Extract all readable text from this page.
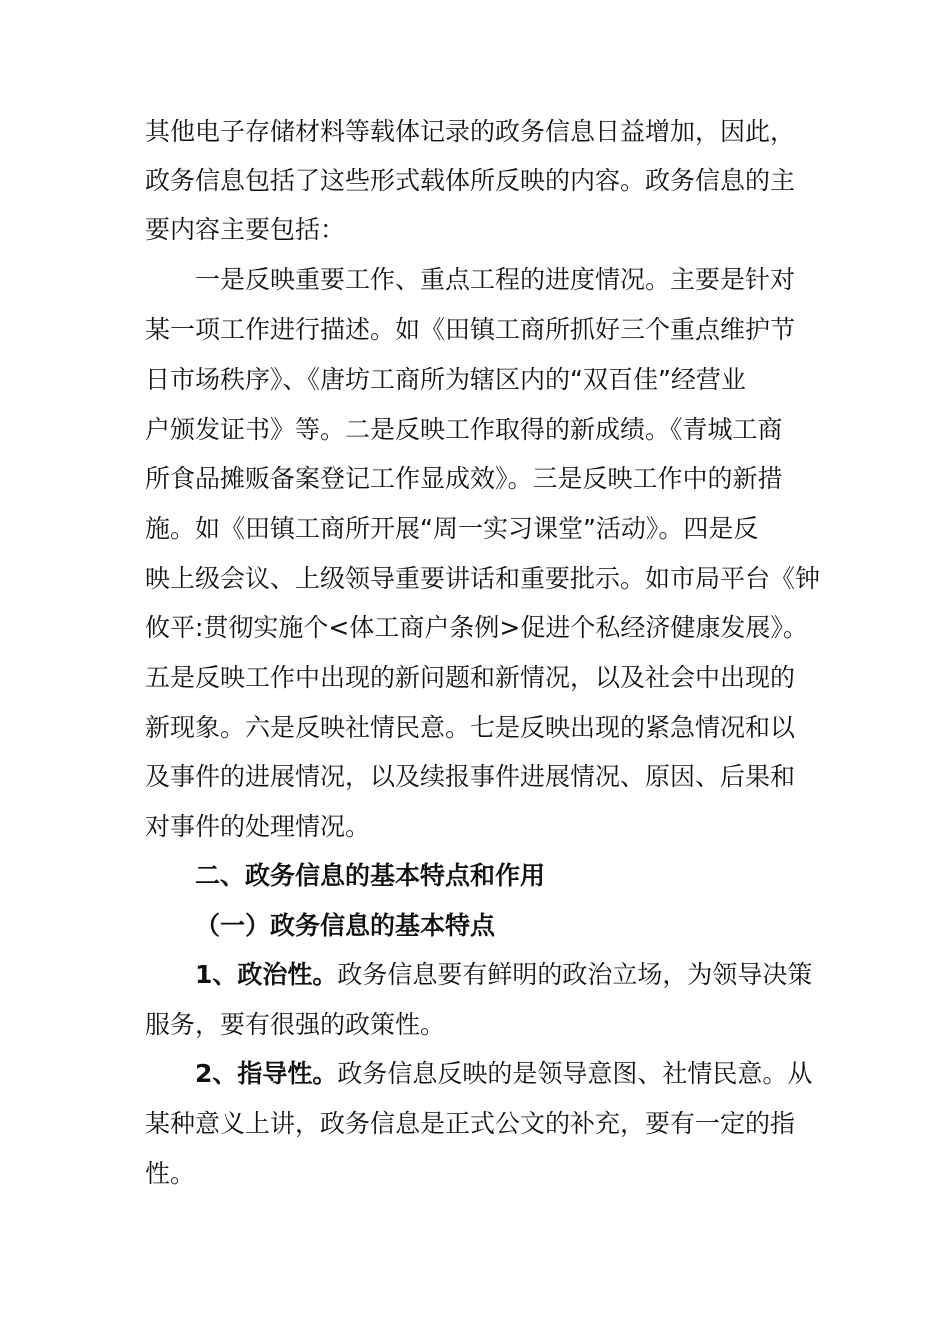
其他电子存储材料等载体记录的政务信息日益增加，因此，
政务信息包括了这些形式载体所反映的内容。政务信息的主
要内容主要包括：
一是反映重要工作、重点工程的进度情况。主要是针对
某一项工作进行描述。如《田镇工商所抓好三个重点维护节
日市场秩序》、《唐坊工商所为辖区内的“双百佳”经营业
户颁发证书》等。二是反映工作取得的新成绩。《青城工商
所食品摊贩备案登记工作显成效》。三是反映工作中的新措
施。如《田镇工商所开展“周一实习课堂”活动》。四是反
映上级会议、上级领导重要讲话和重要批示。如市局平台《钟
攸平:贯彻实施个<体工商户条例>促进个私经济健康发展》。
五是反映工作中出现的新问题和新情况，以及社会中出现的
新现象。六是反映社情民意。七是反映出现的紧急情况和以
及事件的进展情况，以及续报事件进展情况、原因、后果和
对事件的处理情况。
二、政务信息的基本特点和作用
（一）政务信息的基本特点
1、政治性。政务信息要有鲜明的政治立场，为领导决策
服务，要有很强的政策性。
2、指导性。政务信息反映的是领导意图、社情民意。从
某种意义上讲，政务信息是正式公文的补充，要有一定的指
性。
